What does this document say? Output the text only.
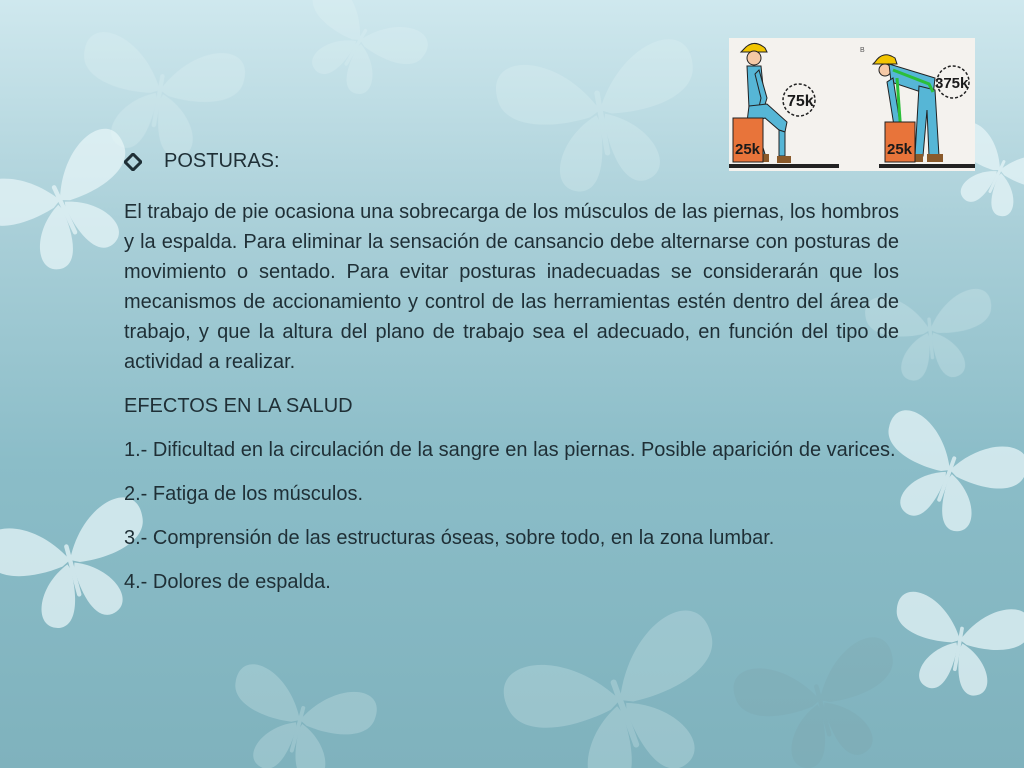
25k
75k
B
25k
375k
POSTURAS:

El trabajo de pie ocasiona una sobrecarga de los músculos de las piernas, los hombros y la espalda. Para eliminar la sensación de cansancio debe alternarse con posturas de movimiento o sentado. Para evitar posturas inadecuadas se considerarán que los mecanismos de accionamiento y control de las herramientas estén dentro del área de trabajo, y que la altura del plano de trabajo sea el adecuado, en función del tipo de actividad a realizar.

EFECTOS EN LA SALUD

1.- Dificultad en la circulación de la sangre en las piernas. Posible aparición de varices.

2.- Fatiga de los músculos.

3.- Comprensión de las estructuras óseas, sobre todo, en la zona lumbar.

4.- Dolores de espalda.
